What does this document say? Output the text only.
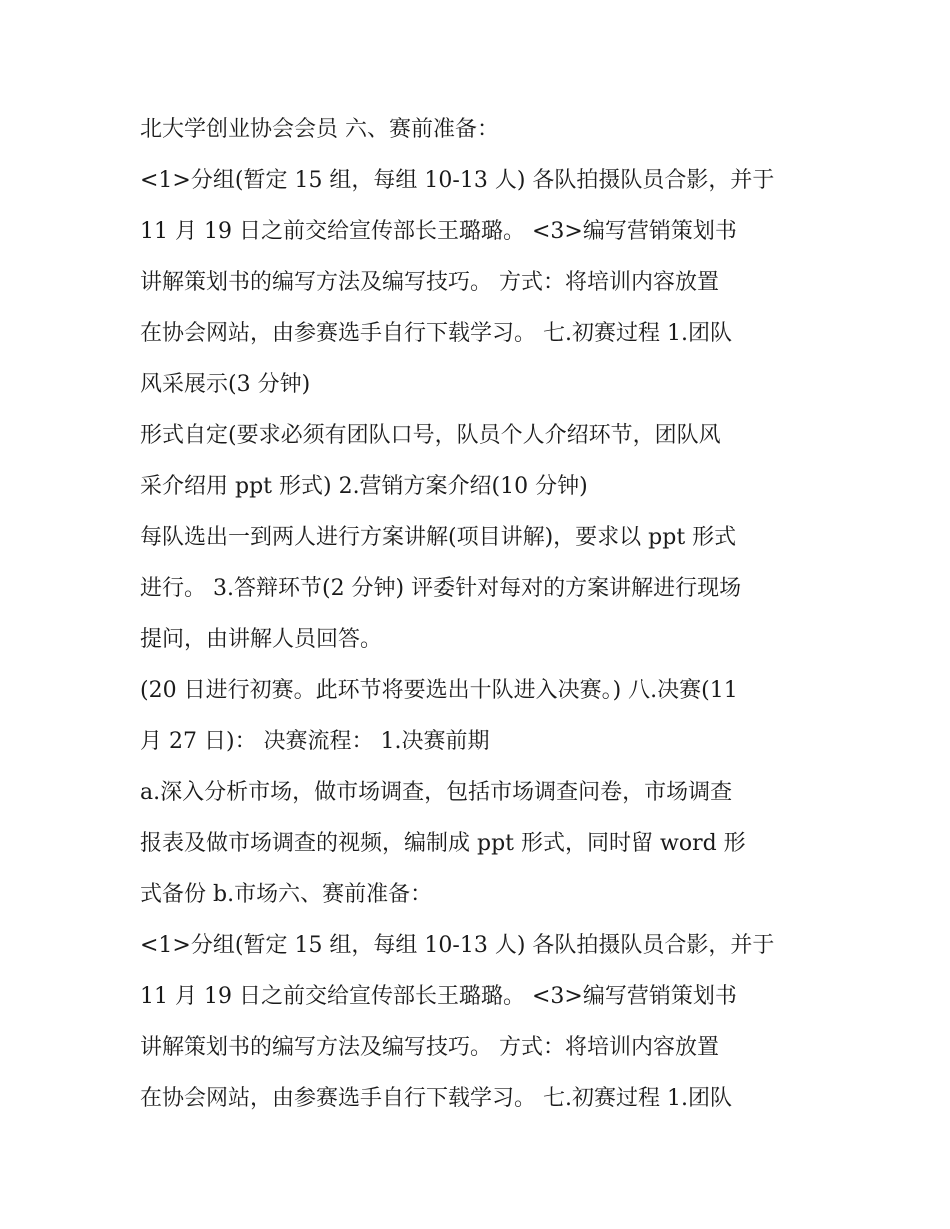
北大学创业协会会员 六、赛前准备：
<1>分组(暂定 15 组，每组 10-13 人) 各队拍摄队员合影，并于
11 月 19 日之前交给宣传部长王璐璐。 <3>编写营销策划书
讲解策划书的编写方法及编写技巧。 方式：将培训内容放置
在协会网站，由参赛选手自行下载学习。 七.初赛过程 1.团队
风采展示(3 分钟)
形式自定(要求必须有团队口号，队员个人介绍环节，团队风
采介绍用 ppt 形式) 2.营销方案介绍(10 分钟)
每队选出一到两人进行方案讲解(项目讲解)，要求以 ppt 形式
进行。 3.答辩环节(2 分钟) 评委针对每对的方案讲解进行现场
提问，由讲解人员回答。
(20 日进行初赛。此环节将要选出十队进入决赛。) 八.决赛(11
月 27 日)： 决赛流程： 1.决赛前期
a.深入分析市场，做市场调查，包括市场调查问卷，市场调查
报表及做市场调查的视频，编制成 ppt 形式，同时留 word 形
式备份 b.市场六、赛前准备：
<1>分组(暂定 15 组，每组 10-13 人) 各队拍摄队员合影，并于
11 月 19 日之前交给宣传部长王璐璐。 <3>编写营销策划书
讲解策划书的编写方法及编写技巧。 方式：将培训内容放置
在协会网站，由参赛选手自行下载学习。 七.初赛过程 1.团队
